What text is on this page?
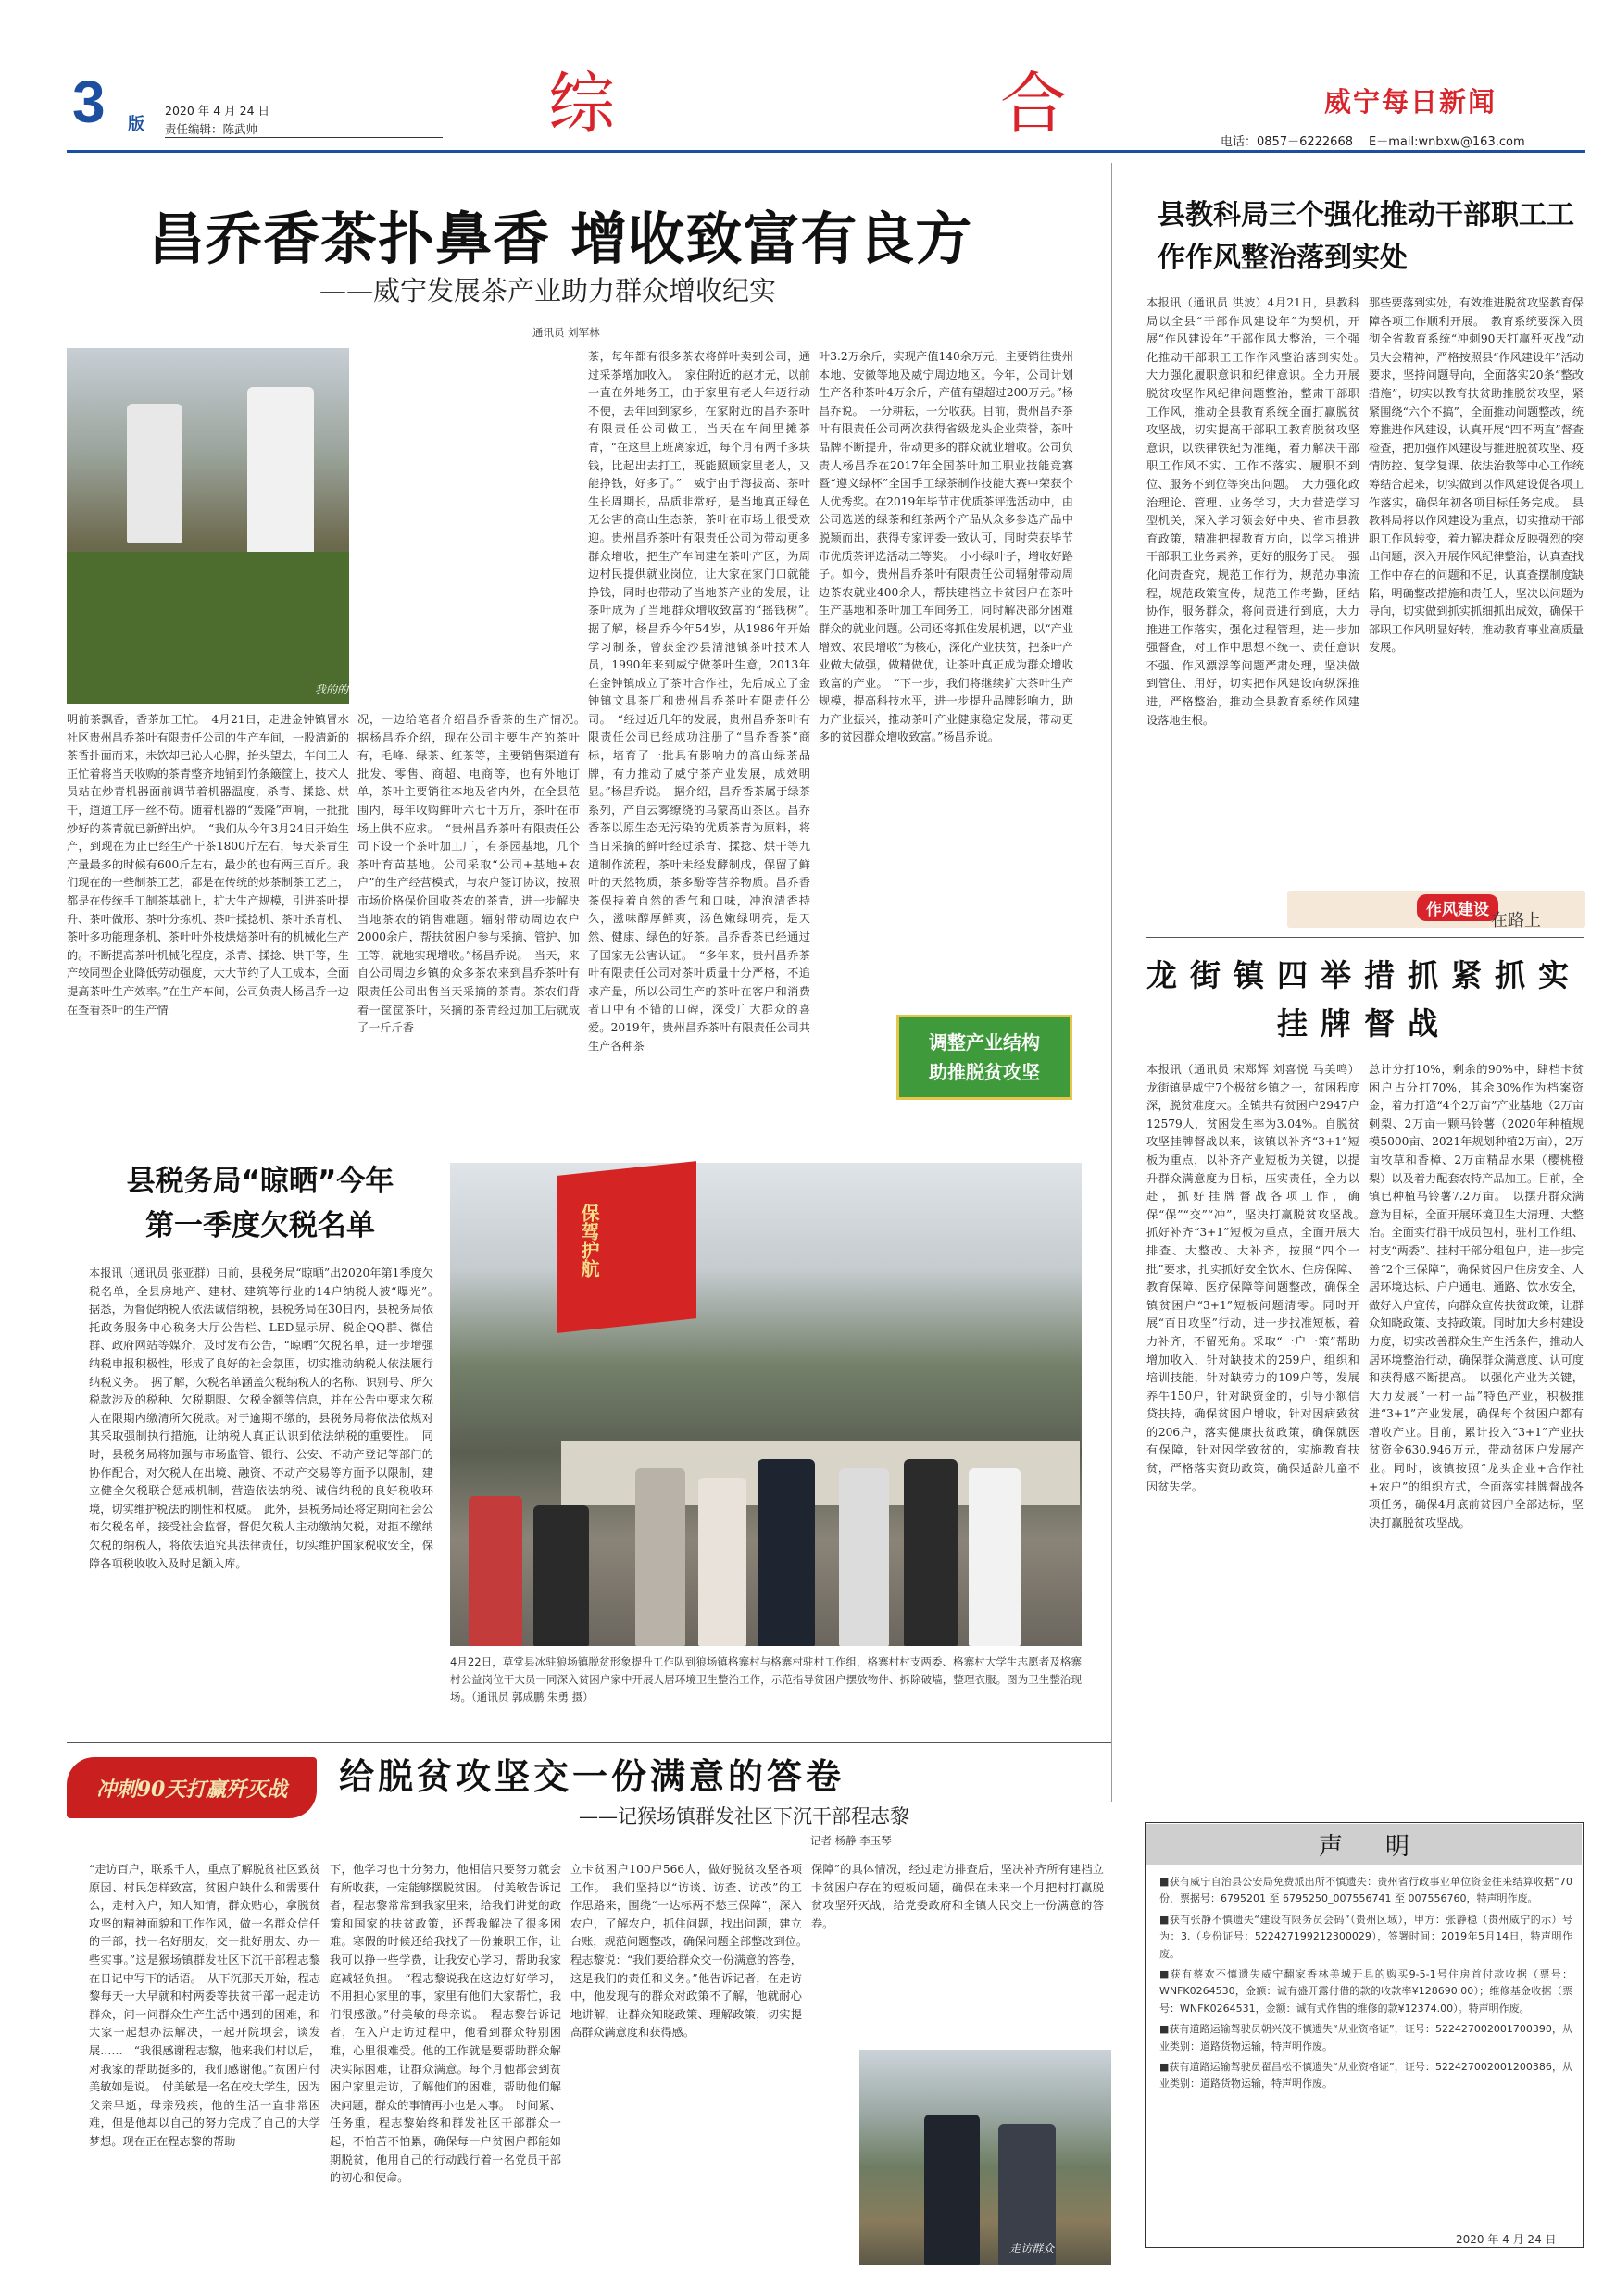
3 版
2020 年 4 月 24 日
责任编辑：陈武帅	综	合	威宁每日新闻
电话：0857－6222668 E－mail:wnbxw@163.com
昌乔香茶扑鼻香 增收致富有良方
——威宁发展茶产业助力群众增收纪实
通讯员 刘军林
我的的茶香
明前茶飘香，香茶加工忙。　4月21日，走进金钟镇冒水社区贵州昌乔茶叶有限责任公司的生产车间，一股清新的茶香扑面而来，未饮却已沁人心脾，抬头望去，车间工人正忙着将当天收购的茶青整齐地铺到竹条簸筐上，技术人员站在炒青机器面前调节着机器温度，杀青、揉捻、烘干，道道工序一丝不苟。随着机器的“轰隆”声响，一批批炒好的茶青就已新鲜出炉。　“我们从今年3月24日开始生产，到现在为止已经生产干茶1800斤左右，每天茶青生产量最多的时候有600斤左右，最少的也有两三百斤。我们现在的一些制茶工艺，都是在传统的炒茶制茶工艺上，都是在传统手工制茶基础上，扩大生产规模，引进茶叶提升、茶叶做形、茶叶分拣机、茶叶揉捻机、茶叶杀青机、茶叶多功能理条机、茶叶叶外枝烘焙茶叶有的机械化生产的。不断提高茶叶机械化程度，杀青、揉捻、烘干等，生产较同型企业降低劳动强度，大大节约了人工成本，全面提高茶叶生产效率。”在生产车间，公司负责人杨昌乔一边在查看茶叶的生产情
况，一边给笔者介绍昌乔香茶的生产情况。　据杨昌乔介绍，现在公司主要生产的茶叶有，毛峰、绿茶、红茶等，主要销售渠道有批发、零售、商超、电商等，也有外地订单，茶叶主要销往本地及省内外，在全县范围内，每年收购鲜叶六七十万斤，茶叶在市场上供不应求。　“贵州昌乔茶叶有限责任公司下设一个茶叶加工厂，有茶园基地，几个茶叶育苗基地。公司采取“公司+基地+农户”的生产经营模式，与农户签订协议，按照市场价格保价回收茶农的茶青，进一步解决当地茶农的销售难题。辐射带动周边农户2000余户，帮扶贫困户参与采摘、管护、加工等，就地实现增收。”杨昌乔说。　当天，来自公司周边乡镇的众多茶农来到昌乔茶叶有限责任公司出售当天采摘的茶青。茶农们背着一筐筐茶叶，采摘的茶青经过加工后就成了一斤斤香
茶，每年都有很多茶农将鲜叶卖到公司，通过采茶增加收入。　家住附近的赵才元，以前一直在外地务工，由于家里有老人年迈行动不便，去年回到家乡，在家附近的昌乔茶叶有限责任公司做工，当天在车间里摊茶青，“在这里上班离家近，每个月有两千多块钱，比起出去打工，既能照顾家里老人，又能挣钱，好多了。”　威宁由于海拔高、茶叶生长周期长，品质非常好，是当地真正绿色无公害的高山生态茶，茶叶在市场上很受欢迎。贵州昌乔茶叶有限责任公司为带动更多群众增收，把生产车间建在茶叶产区，为周边村民提供就业岗位，让大家在家门口就能挣钱，同时也带动了当地茶产业的发展，让茶叶成为了当地群众增收致富的“摇钱树”。　据了解，杨昌乔今年54岁，从1986年开始学习制茶，曾获金沙县清池镇茶叶技术人员，1990年来到威宁做茶叶生意，2013年在金钟镇成立了茶叶合作社，先后成立了金钟镇文具茶厂和贵州昌乔茶叶有限责任公司。　“经过近几年的发展，贵州昌乔茶叶有限责任公司已经成功注册了“昌乔香茶”商标，培育了一批具有影响力的高山绿茶品牌，有力推动了威宁茶产业发展，成效明显。”杨昌乔说。　据介绍，昌乔香茶属于绿茶系列，产自云雾缭绕的乌蒙高山茶区。昌乔香茶以原生态无污染的优质茶青为原料，将当日采摘的鲜叶经过杀青、揉捻、烘干等九道制作流程，茶叶未经发酵制成，保留了鲜叶的天然物质，茶多酚等营养物质。昌乔香茶保持着自然的香气和口味，冲泡清香持久，滋味醇厚鲜爽，汤色嫩绿明亮，是天然、健康、绿色的好茶。昌乔香茶已经通过了国家无公害认证。　“多年来，贵州昌乔茶叶有限责任公司对茶叶质量十分严格，不追求产量，所以公司生产的茶叶在客户和消费者口中有不错的口碑，深受广大群众的喜爱。2019年，贵州昌乔茶叶有限责任公司共生产各种茶
叶3.2万余斤，实现产值140余万元，主要销往贵州本地、安徽等地及威宁周边地区。今年，公司计划生产各种茶叶4万余斤，产值有望超过200万元。”杨昌乔说。　一分耕耘，一分收获。目前，贵州昌乔茶叶有限责任公司两次获得省级龙头企业荣誉，茶叶品牌不断提升，带动更多的群众就业增收。公司负责人杨昌乔在2017年全国茶叶加工职业技能竞赛暨“遵义绿杯”全国手工绿茶制作技能大赛中荣获个人优秀奖。在2019年毕节市优质茶评选活动中，由公司选送的绿茶和红茶两个产品从众多参选产品中脱颖而出，获得专家评委一致认可，同时荣获毕节市优质茶评选活动二等奖。　小小绿叶子，增收好路子。如今，贵州昌乔茶叶有限责任公司辐射带动周边茶农就业400余人，帮扶建档立卡贫困户在茶叶生产基地和茶叶加工车间务工，同时解决部分困难群众的就业问题。公司还将抓住发展机遇，以“产业增效、农民增收”为核心，深化产业扶贫，把茶叶产业做大做强，做精做优，让茶叶真正成为群众增收致富的产业。　“下一步，我们将继续扩大茶叶生产规模，提高科技水平，进一步提升品牌影响力，助力产业振兴，推动茶叶产业健康稳定发展，带动更多的贫困群众增收致富。”杨昌乔说。
调整产业结构
助推脱贫攻坚
县教科局三个强化推动干部职工工作作风整治落到实处
本报讯（通讯员 洪波）4月21日，县教科局以全县“干部作风建设年”为契机，开展“作风建设年”干部作风大整治，三个强化推动干部职工工作作风整治落到实处。　大力强化履职意识和纪律意识。全力开展脱贫攻坚作风纪律问题整治，整肃干部职工作风，推动全县教育系统全面打赢脱贫攻坚战，切实提高干部职工教育脱贫攻坚意识，以铁律铁纪为准绳，着力解决干部职工作风不实、工作不落实、履职不到位、服务不到位等突出问题。　大力强化政治理论、管理、业务学习，大力营造学习型机关，深入学习领会好中央、省市县教育政策，精准把握教育方向，以学习推进干部职工业务素养，更好的服务于民。　强化问责查究，规范工作行为，规范办事流程，规范政策宣传，规范工作考勤，团结协作，服务群众，将问责进行到底，大力推进工作落实，强化过程管理，进一步加强督查，对工作中思想不统一、责任意识不强、作风漂浮等问题严肃处理，坚决做到管住、用好，切实把作风建设向纵深推进，严格整治，推动全县教育系统作风建设落地生根。
那些要落到实处，有效推进脱贫攻坚教育保障各项工作顺利开展。　教育系统要深入贯彻全省教育系统“冲刺90天打赢歼灭战”动员大会精神，严格按照县“作风建设年”活动要求，坚持问题导向，全面落实20条“整改措施”，切实以教育扶贫助推脱贫攻坚，紧紧围绕“六个不搞”，全面推动问题整改，统筹推进作风建设，认真开展“四不两直”督查检查，把加强作风建设与推进脱贫攻坚、疫情防控、复学复课、依法治教等中心工作统筹结合起来，切实做到以作风建设促各项工作落实，确保年初各项目标任务完成。　县教科局将以作风建设为重点，切实推动干部职工作风转变，着力解决群众反映强烈的突出问题，深入开展作风纪律整治，认真查找工作中存在的问题和不足，认真查摆制度缺陷，明确整改措施和责任人，坚决以问题为导向，切实做到抓实抓细抓出成效，确保干部职工作风明显好转，推动教育事业高质量发展。
作风建设
在路上
龙街镇四举措抓紧抓实挂牌督战
本报讯（通讯员 宋郑辉 刘喜悦 马美鸣）龙街镇是威宁7个极贫乡镇之一，贫困程度深，脱贫难度大。全镇共有贫困户2947户12579人，贫困发生率为3.04%。自脱贫攻坚挂牌督战以来，该镇以补齐“3+1”短板为重点，以补齐产业短板为关键，以提升群众满意度为目标，压实责任，全力以赴，抓好挂牌督战各项工作，确保“保”“交”“冲”，坚决打赢脱贫攻坚战。　抓好补齐“3+1”短板为重点，全面开展大排查、大整改、大补齐，按照“四个一批”要求，扎实抓好安全饮水、住房保障、教育保障、医疗保障等问题整改，确保全镇贫困户“3+1”短板问题清零。同时开展“百日攻坚”行动，进一步找准短板，着力补齐，不留死角。采取“一户一策”帮助增加收入，针对缺技术的259户，组织和培训技能，针对缺劳力的109户等，发展养牛150户，针对缺资金的，引导小额信贷扶持，确保贫困户增收，针对因病致贫的206户，落实健康扶贫政策，确保就医有保障，针对因学致贫的，实施教育扶贫，严格落实资助政策，确保适龄儿童不因贫失学。
总计分打10%，剩余的90%中，肆档卡贫困户占分打70%，其余30%作为档案资金，着力打造“4个2万亩”产业基地（2万亩刺梨、2万亩一颗马铃薯（2020年种植规模5000亩、2021年规划种植2万亩），2万亩牧草和香樟、2万亩精品水果（樱桃橙梨）以及着力配套农特产品加工。目前，全镇已种植马铃薯7.2万亩。　以摆升群众满意为目标，全面开展环境卫生大清理、大整治。全面实行群干成员包村，驻村工作组、村支“两委”、挂村干部分组包户，进一步完善“2个三保障”，确保贫困户住房安全、人居环境达标、户户通电、通路、饮水安全，做好入户宣传，向群众宣传扶贫政策，让群众知晓政策、支持政策。同时加大乡村建设力度，切实改善群众生产生活条件，推动人居环境整治行动，确保群众满意度、认可度和获得感不断提高。　以强化产业为关键，大力发展“一村一品”特色产业，积极推进“3+1”产业发展，确保每个贫困户都有增收产业。目前，累计投入“3+1”产业扶贫资金630.946万元，带动贫困户发展产业。同时，该镇按照“龙头企业+合作社+农户”的组织方式，全面落实挂牌督战各项任务，确保4月底前贫困户全部达标，坚决打赢脱贫攻坚战。
县税务局“晾晒”今年
第一季度欠税名单
本报讯（通讯员 张亚群）日前，县税务局“晾晒”出2020年第1季度欠税名单，全县房地产、建材、建筑等行业的14户纳税人被“曝光”。　据悉，为督促纳税人依法诚信纳税，县税务局在30日内，县税务局依托政务服务中心税务大厅公告栏、LED显示屏、税企QQ群、微信群、政府网站等媒介，及时发布公告，“晾晒”欠税名单，进一步增强纳税申报积极性，形成了良好的社会氛围，切实推动纳税人依法履行纳税义务。　据了解，欠税名单涵盖欠税纳税人的名称、识别号、所欠税款涉及的税种、欠税期限、欠税金额等信息，并在公告中要求欠税人在限期内缴清所欠税款。对于逾期不缴的，县税务局将依法依规对其采取强制执行措施，让纳税人真正认识到依法纳税的重要性。　同时，县税务局将加强与市场监管、银行、公安、不动产登记等部门的协作配合，对欠税人在出境、融资、不动产交易等方面予以限制，建立健全欠税联合惩戒机制，营造依法纳税、诚信纳税的良好税收环境，切实维护税法的刚性和权威。　此外，县税务局还将定期向社会公布欠税名单，接受社会监督，督促欠税人主动缴纳欠税，对拒不缴纳欠税的纳税人，将依法追究其法律责任，切实维护国家税收安全，保障各项税收收入及时足额入库。
保驾护航
4月22日，草堂县冰驻狼场镇脱贫形象提升工作队到狼场镇格寨村与格寨村驻村工作组，格寨村村支两委、格寨村大学生志愿者及格寨村公益岗位干大员一同深入贫困户家中开展人居环境卫生整治工作，示范指导贫困户摆放物件、拆除破墙，整理衣服。图为卫生整治现场。（通讯员 郭成鹏 朱勇 摄）
冲刺90天打赢歼灭战 给脱贫攻坚交一份满意的答卷
——记猴场镇群发社区下沉干部程志黎
记者 杨静 李玉琴
“走访百户，联系千人，重点了解脱贫社区致贫原因、村民怎样致富，贫困户缺什么和需要什么，走村入户，知人知情，群众贴心，拿脱贫攻坚的精神面貌和工作作风，做一名群众信任的干部，找一名好朋友，交一批好朋友、办一些实事。”这是猴场镇群发社区下沉干部程志黎在日记中写下的话语。　从下沉那天开始，程志黎每天一大早就和村两委等扶贫干部一起走访群众，问一问群众生产生活中遇到的困难，和大家一起想办法解决，一起开院坝会，谈发展……　“我很感谢程志黎，他来我们村以后，对我家的帮助挺多的，我们感谢他。”贫困户付美敏如是说。　付美敏是一名在校大学生，因为父亲早逝，母亲残疾，他的生活一直非常困难，但是他却以自己的努力完成了自己的大学梦想。现在正在程志黎的帮助
下，他学习也十分努力，他相信只要努力就会有所收获，一定能够摆脱贫困。　付美敏告诉记者，程志黎常常到我家里来，给我们讲党的政策和国家的扶贫政策，还帮我解决了很多困难。寒假的时候还给我找了一份兼职工作，让我可以挣一些学费，让我安心学习，帮助我家庭减轻负担。　“程志黎说我在这边好好学习，不用担心家里的事，家里有他们大家帮忙，我们很感激。”付美敏的母亲说。　程志黎告诉记者，在入户走访过程中，他看到群众特别困难，心里很难受。他的工作就是要帮助群众解决实际困难，让群众满意。每个月他都会到贫困户家里走访，了解他们的困难，帮助他们解决问题，群众的事情再小也是大事。　时间紧、任务重，程志黎始终和群发社区干部群众一起，不怕苦不怕累，确保每一户贫困户都能如期脱贫，他用自己的行动践行着一名党员干部的初心和使命。
立卡贫困户100户566人，做好脱贫攻坚各项工作。　我们坚持以“访谈、访查、访改”的工作思路来，围绕“一达标两不愁三保障”，深入农户，了解农户，抓住问题，找出问题，建立台账，规范问题整改，确保问题全部整改到位。　程志黎说：“我们要给群众交一份满意的答卷，这是我们的责任和义务。”他告诉记者，在走访中，他发现有的群众对政策不了解，他就耐心地讲解，让群众知晓政策、理解政策，切实提高群众满意度和获得感。
保障”的具体情况，经过走访排查后，坚决补齐所有建档立卡贫困户存在的短板问题，确保在未来一个月把村打赢脱贫攻坚歼灭战，给党委政府和全镇人民交上一份满意的答卷。
走访群众
声明

■获有威宁自治县公安局免费派出所不慎遗失：贵州省行政事业单位资金往来结算收据“70份，票据号：6795201 至 6795250_007556741 至 007556760，特声明作废。

■获有张静不慎遗失“建设有限务员会码”（贵州区域），甲方：张静稳（贵州威宁的示）号为：3.（身份证号：522427199212300029），签署时间：2019年5月14日，特声明作废。

■获有蔡欢不慎遗失威宁翻家香林美城开具的购买9-5-1号住房首付款收据（票号：WNFK0264530，金额：诚有盛开露付借的款的收款率¥128690.00）；维修基金收据（票号：WNFK0264531，金额：诚有式作售的维修的款¥12374.00）。特声明作废。

■获有道路运输驾驶员朝兴茂不慎遗失“从业资格证”，证号：522427002001700390，从业类别：道路货物运输，特声明作废。

■获有道路运输驾驶员翟昌松不慎遗失“从业资格证”，证号：522427002001200386，从业类别：道路货物运输，特声明作废。

2020 年 4 月 24 日
